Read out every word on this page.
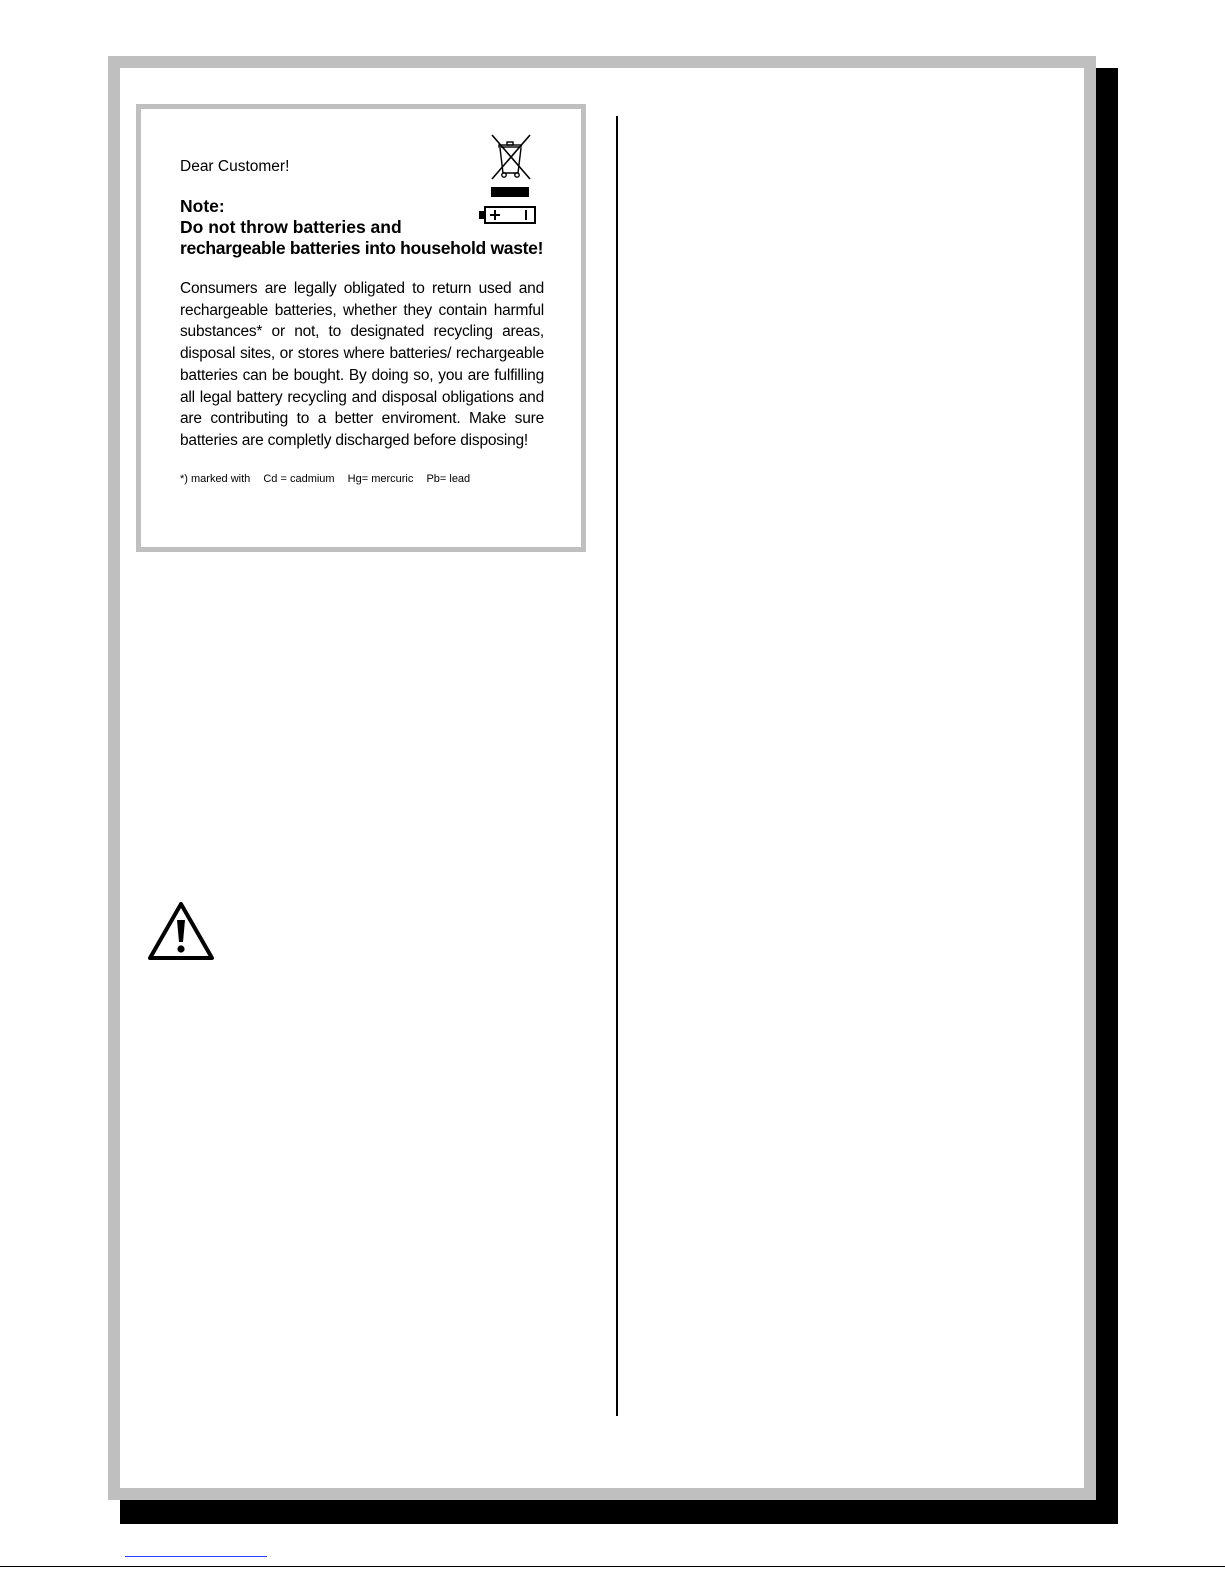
Dear Customer!

Note:

Do not throw batteries and

rechargeable batteries into household waste!

Consumers are legally obligated to return used and rechargeable batteries, whether they contain harmful substances* or not, to designated recycling areas, disposal sites, or stores where batteries/ rechargeable batteries can be bought. By doing so, you are fulfilling all legal battery recycling and disposal obligations and are contributing to a better enviroment. Make sure batteries are completly discharged before disposing!

*) marked with Cd = cadmium Hg= mercuric Pb= lead
